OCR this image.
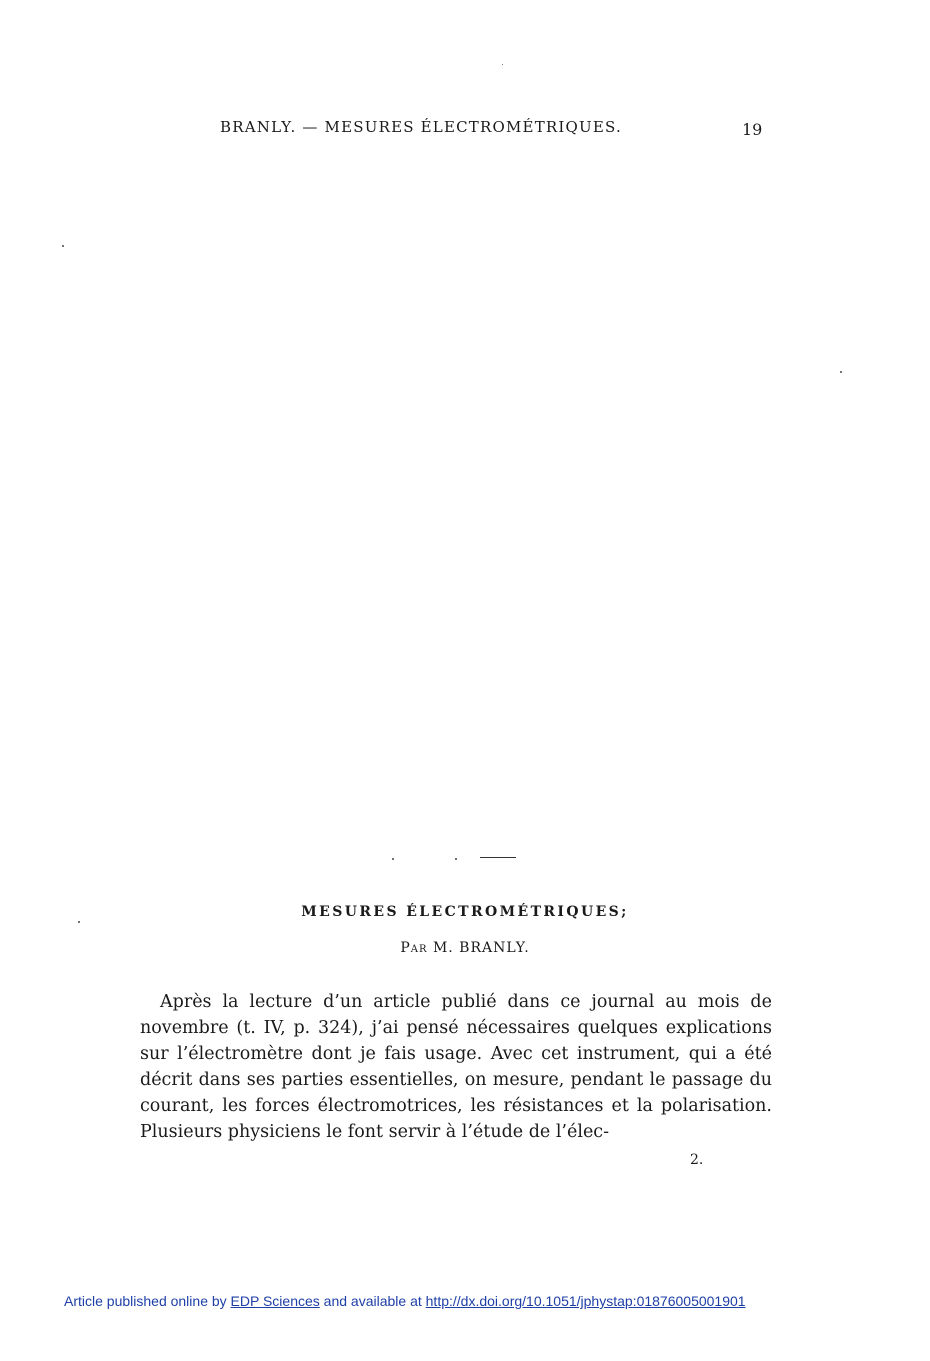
BRANLY. — MESURES ÉLECTROMÉTRIQUES.	19
MESURES ÉLECTROMÉTRIQUES;
Par M. BRANLY.

Après la lecture d’un article publié dans ce journal au mois de novembre (t. IV, p. 324), j’ai pensé nécessaires quelques explications sur l’électromètre dont je fais usage. Avec cet instrument, qui a été décrit dans ses parties essentielles, on mesure, pendant le passage du courant, les forces électromotrices, les résistances et la polarisation. Plusieurs physiciens le font servir à l’étude de l’élec-

2.
Article published online by EDP Sciences and available at http://dx.doi.org/10.1051/jphystap:01876005001901
